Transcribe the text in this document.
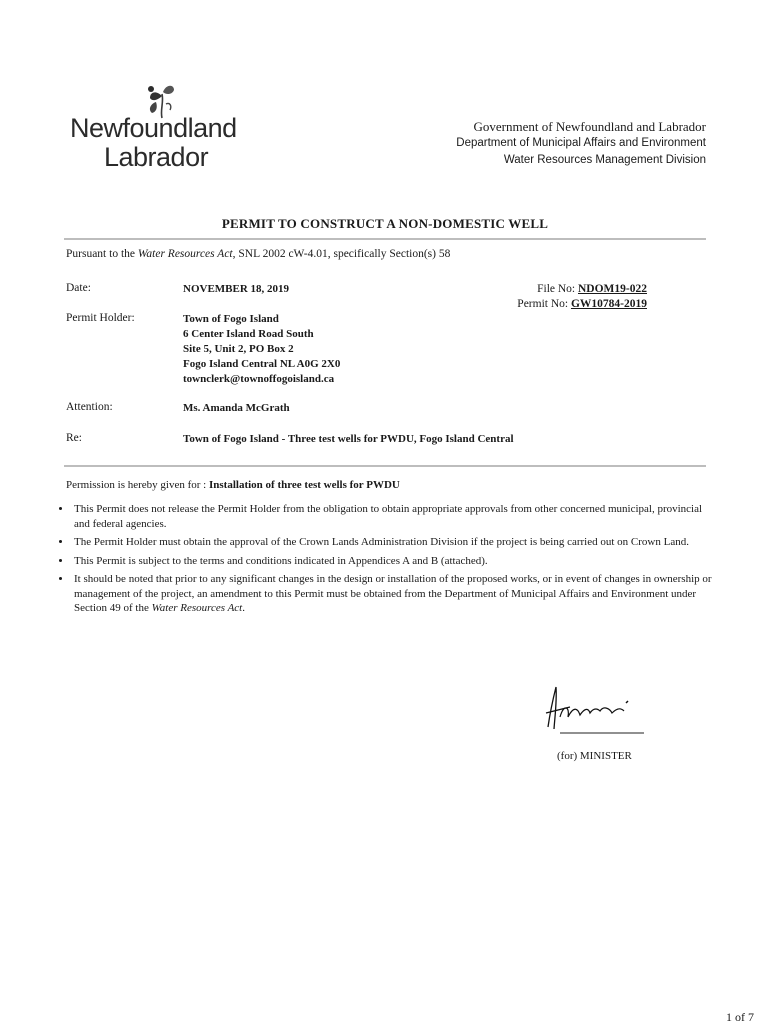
Newfoundland
Labrador
Government of Newfoundland and Labrador
Department of Municipal Affairs and Environment
Water Resources Management Division
PERMIT TO CONSTRUCT A NON-DOMESTIC WELL
Pursuant to the Water Resources Act, SNL 2002 cW-4.01, specifically Section(s) 58
Date:	NOVEMBER 18, 2019	File No: NDOM19-022
Permit No: GW10784-2019
Permit Holder:	Town of Fogo Island
6 Center Island Road South
Site 5, Unit 2, PO Box 2
Fogo Island Central NL A0G 2X0
townclerk@townoffogoisland.ca
Attention:	Ms. Amanda McGrath
Re:	Town of Fogo Island - Three test wells for PWDU, Fogo Island Central
Permission is hereby given for : Installation of three test wells for PWDU
• This Permit does not release the Permit Holder from the obligation to obtain appropriate approvals from other concerned municipal, provincial and federal agencies.
• The Permit Holder must obtain the approval of the Crown Lands Administration Division if the project is being carried out on Crown Land.
• This Permit is subject to the terms and conditions indicated in Appendices A and B (attached).
• It should be noted that prior to any significant changes in the design or installation of the proposed works, or in event of changes in ownership or management of the project, an amendment to this Permit must be obtained from the Department of Municipal Affairs and Environment under Section 49 of the Water Resources Act.
(for) MINISTER
1 of 7
